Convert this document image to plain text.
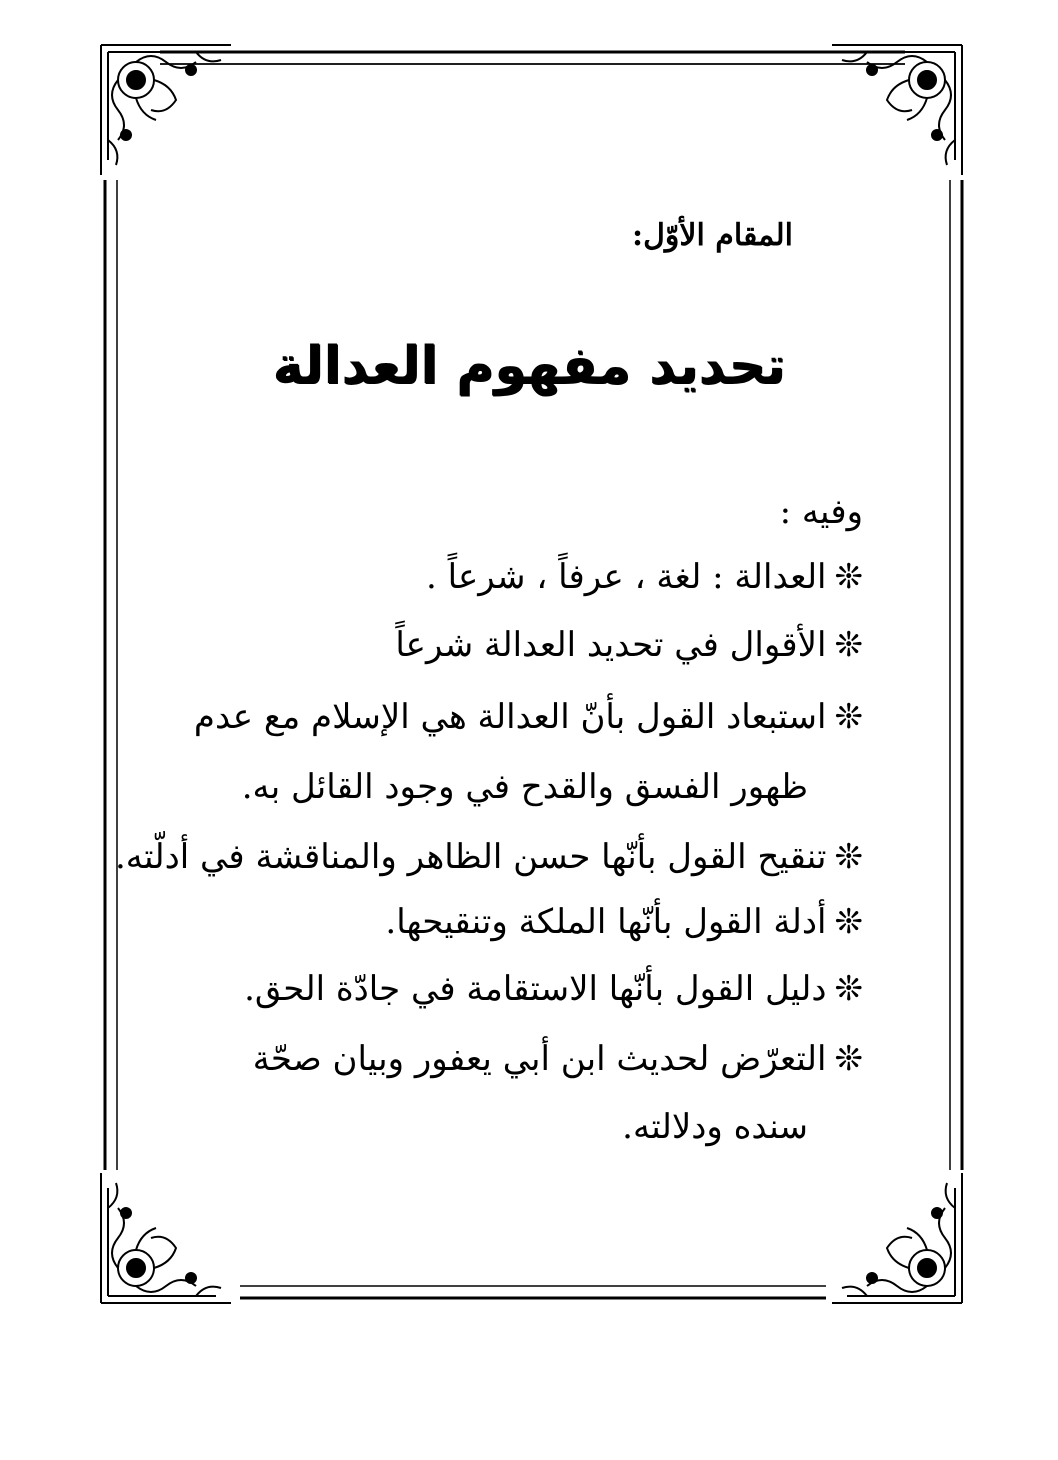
المقام الأوّل:
تحديد مفهوم العدالة
وفيه :
❊العدالة : لغة ، عرفاً ، شرعاً .
❊الأقوال في تحديد العدالة شرعاً
❊استبعاد القول بأنّ العدالة هي الإسلام مع عدم
ظهور الفسق والقدح في وجود القائل به.
❊تنقيح القول بأنّها حسن الظاهر والمناقشة في أدلّته.
❊أدلة القول بأنّها الملكة وتنقيحها.
❊دليل القول بأنّها الاستقامة في جادّة الحق.
❊التعرّض لحديث ابن أبي يعفور وبيان صحّة
سنده ودلالته.
